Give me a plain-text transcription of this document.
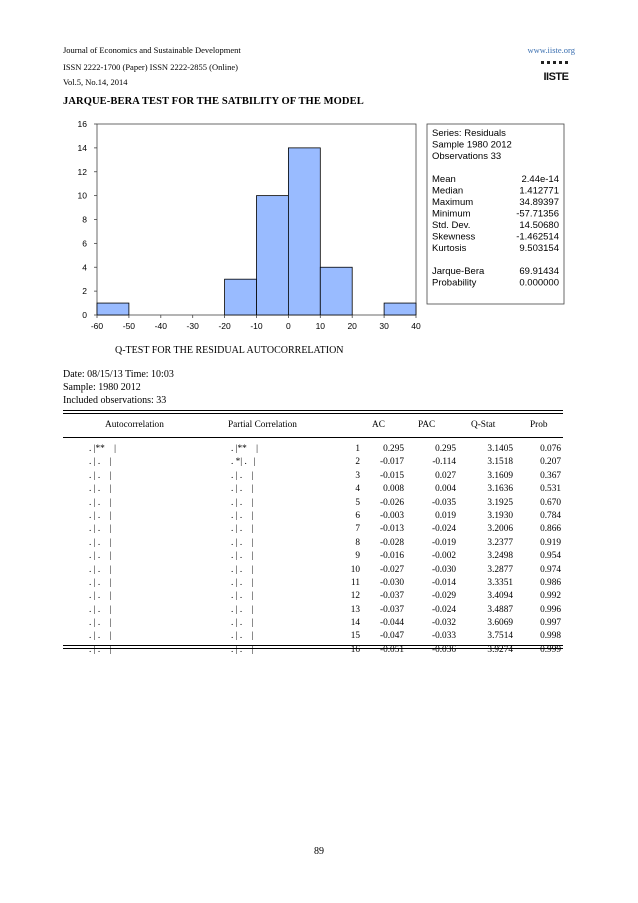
Journal of Economics and Sustainable Development
ISSN 2222-1700 (Paper) ISSN 2222-2855 (Online)
Vol.5, No.14, 2014
www.iiste.org
IISTE
JARQUE-BERA TEST FOR THE SATBILITY OF THE MODEL
0
2
4
6
8
10
12
14
16
-60 -50 -40 -30 -20 -10	0	10	20	30	40
Series: Residuals
Sample 1980 2012
Observations 33
Mean	2.44e-14
Median	1.412771
Maximum	34.89397
Minimum	-57.71356
Std. Dev.	14.50680
Skewness	-1.462514
Kurtosis	9.503154
Jarque-Bera	69.91434
Probability	0.000000
Q-TEST FOR THE RESIDUAL AUTOCORRELATION
Date: 08/15/13 Time: 10:03
Sample: 1980 2012
Included observations: 33
Autocorrelation	Partial Correlation	AC	PAC	Q-Stat	Prob
. |**    |	. |**    |	1	0.295	0.295	3.1405	0.076
. | .    |	. *| .   |	2	-0.017	-0.114	3.1518	0.207
. | .    |	. | .    |	3	-0.015	0.027	3.1609	0.367
. | .    |	. | .    |	4	0.008	0.004	3.1636	0.531
. | .    |	. | .    |	5	-0.026	-0.035	3.1925	0.670
. | .    |	. | .    |	6	-0.003	0.019	3.1930	0.784
. | .    |	. | .    |	7	-0.013	-0.024	3.2006	0.866
. | .    |	. | .    |	8	-0.028	-0.019	3.2377	0.919
. | .    |	. | .    |	9	-0.016	-0.002	3.2498	0.954
. | .    |	. | .    |	10	-0.027	-0.030	3.2877	0.974
. | .    |	. | .    |	11	-0.030	-0.014	3.3351	0.986
. | .    |	. | .    |	12	-0.037	-0.029	3.4094	0.992
. | .    |	. | .    |	13	-0.037	-0.024	3.4887	0.996
. | .    |	. | .    |	14	-0.044	-0.032	3.6069	0.997
. | .    |	. | .    |	15	-0.047	-0.033	3.7514	0.998
. | .    |	. | .    |	16	-0.051	-0.036	3.9274	0.999
89
